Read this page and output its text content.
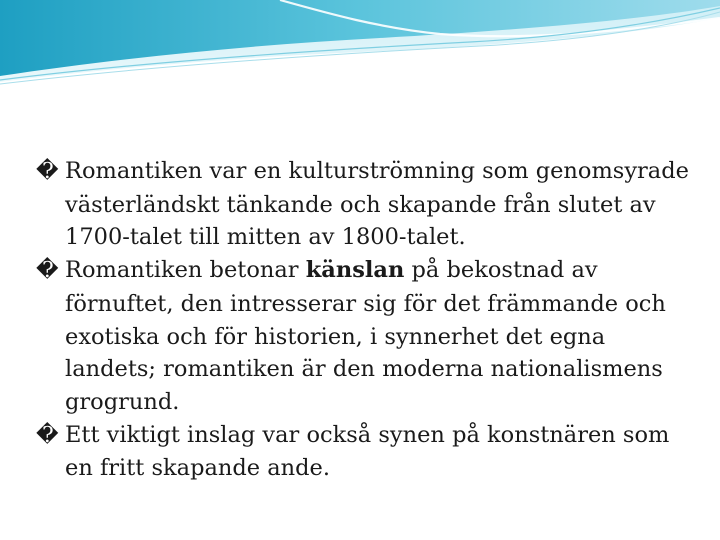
� Romantiken var en kulturströmning som genomsyrade västerländskt tänkande och skapande från slutet av 1700-talet till mitten av 1800-talet.

� Romantiken betonar känslan på bekostnad av förnuftet, den intresserar sig för det främmande och exotiska och för historien, i synnerhet det egna landets; romantiken är den moderna nationalismens grogrund.

� Ett viktigt inslag var också synen på konstnären som en fritt skapande ande.
